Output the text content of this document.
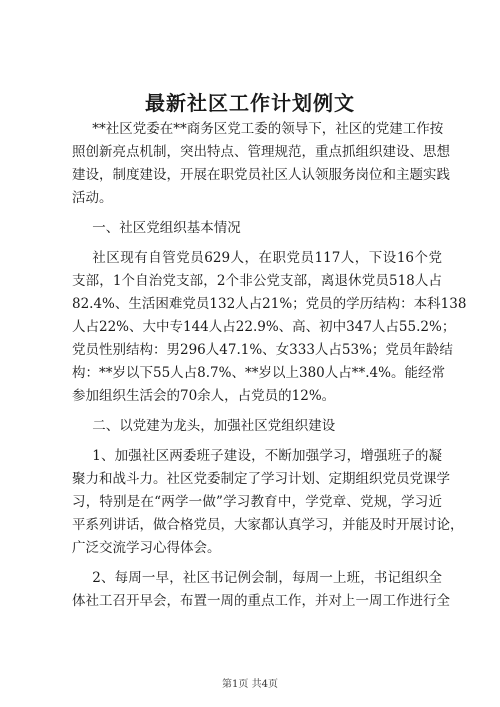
最新社区工作计划例文
**社区党委在**商务区党工委的领导下，社区的党建工作按
照创新亮点机制，突出特点、管理规范，重点抓组织建设、思想
建设，制度建设，开展在职党员社区人认领服务岗位和主题实践
活动。
一、社区党组织基本情况
社区现有自管党员629人，在职党员117人，下设16个党
支部，1个自治党支部，2个非公党支部，离退休党员518人占
82.4%、生活困难党员132人占21%；党员的学历结构：本科138
人占22%、大中专144人占22.9%、高、初中347人占55.2%；
党员性别结构：男296人47.1%、女333人占53%；党员年龄结
构：**岁以下55人占8.7%、**岁以上380人占**.4%。能经常
参加组织生活会的70余人，占党员的12%。
二、以党建为龙头，加强社区党组织建设
1、加强社区两委班子建设，不断加强学习，增强班子的凝
聚力和战斗力。社区党委制定了学习计划、定期组织党员党课学
习，特别是在“两学一做”学习教育中，学党章、党规，学习近
平系列讲话，做合格党员，大家都认真学习，并能及时开展讨论，
广泛交流学习心得体会。
2、每周一早，社区书记例会制，每周一上班，书记组织全
体社工召开早会，布置一周的重点工作，并对上一周工作进行全
第1页 共4页
